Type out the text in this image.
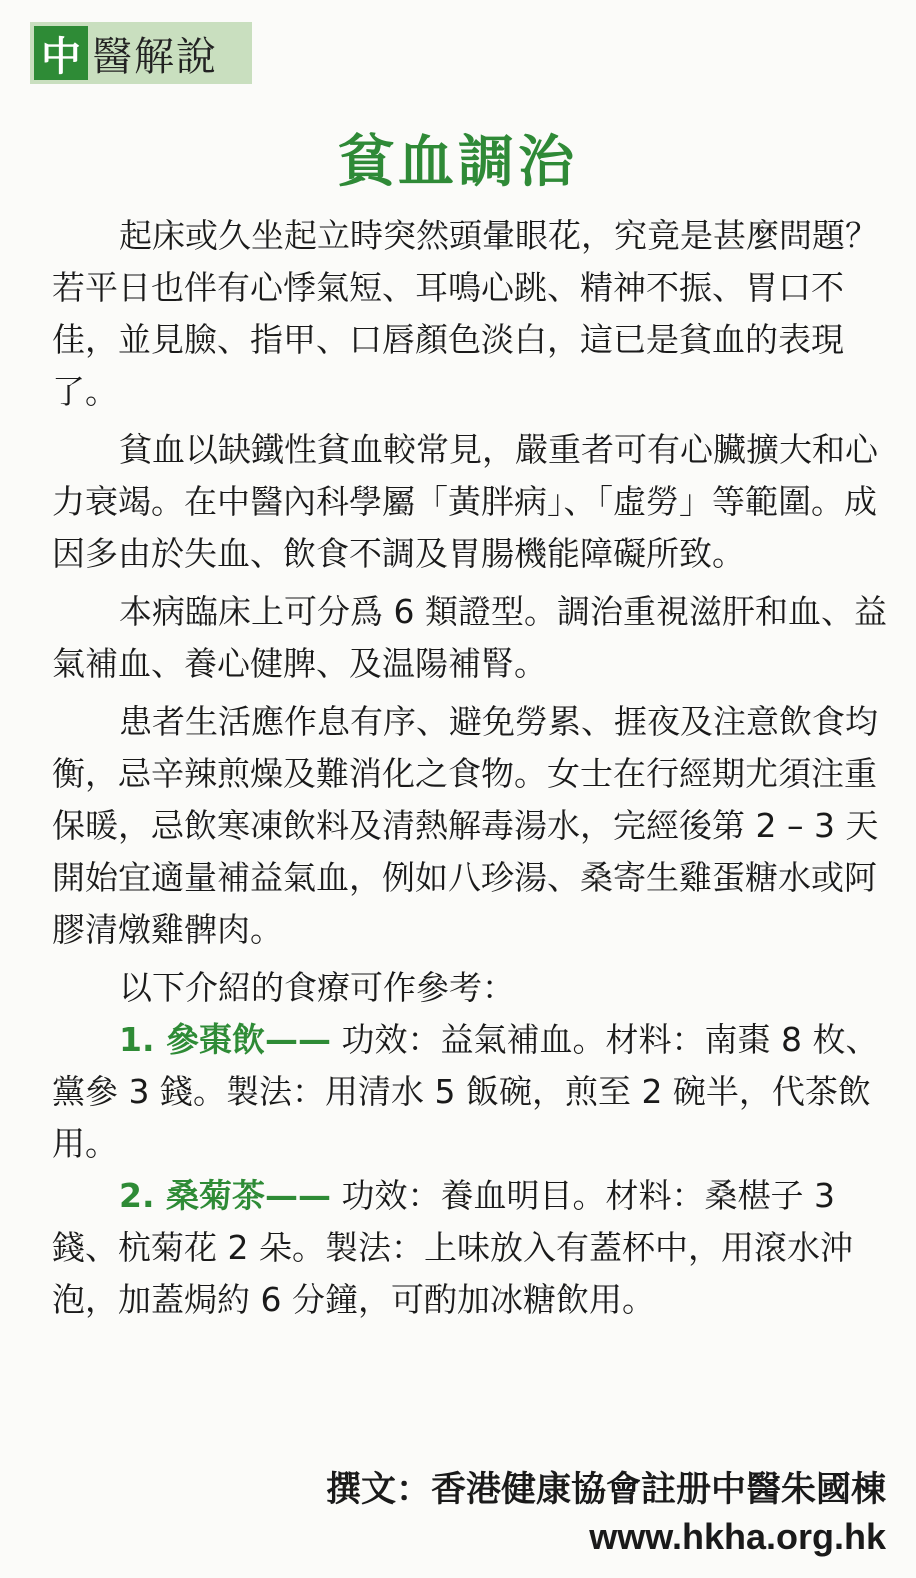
中 醫解說
貧血調治

起床或久坐起立時突然頭暈眼花，究竟是甚麼問題？若平日也伴有心悸氣短、耳鳴心跳、精神不振、胃口不佳，並見臉、指甲、口唇顏色淡白，這已是貧血的表現了。

貧血以缺鐵性貧血較常見，嚴重者可有心臟擴大和心力衰竭。在中醫內科學屬「黃胖病」、「虛勞」等範圍。成因多由於失血、飲食不調及胃腸機能障礙所致。

本病臨床上可分爲 6 類證型。調治重視滋肝和血、益氣補血、養心健脾、及温陽補腎。

患者生活應作息有序、避免勞累、捱夜及注意飲食均衡，忌辛辣煎燥及難消化之食物。女士在行經期尤須注重保暖，忌飲寒凍飲料及清熱解毒湯水，完經後第 2 – 3 天開始宜適量補益氣血，例如八珍湯、桑寄生雞蛋糖水或阿膠清燉雞髀肉。

以下介紹的食療可作參考：

1. 參棗飲—— 功效：益氣補血。材料：南棗 8 枚、黨參 3 錢。製法：用清水 5 飯碗，煎至 2 碗半，代茶飲用。

2. 桑菊茶—— 功效：養血明目。材料：桑椹子 3 錢、杭菊花 2 朵。製法：上味放入有蓋杯中，用滾水沖泡，加蓋焗約 6 分鐘，可酌加冰糖飲用。

撰文：香港健康協會註册中醫朱國棟
www.hkha.org.hk
